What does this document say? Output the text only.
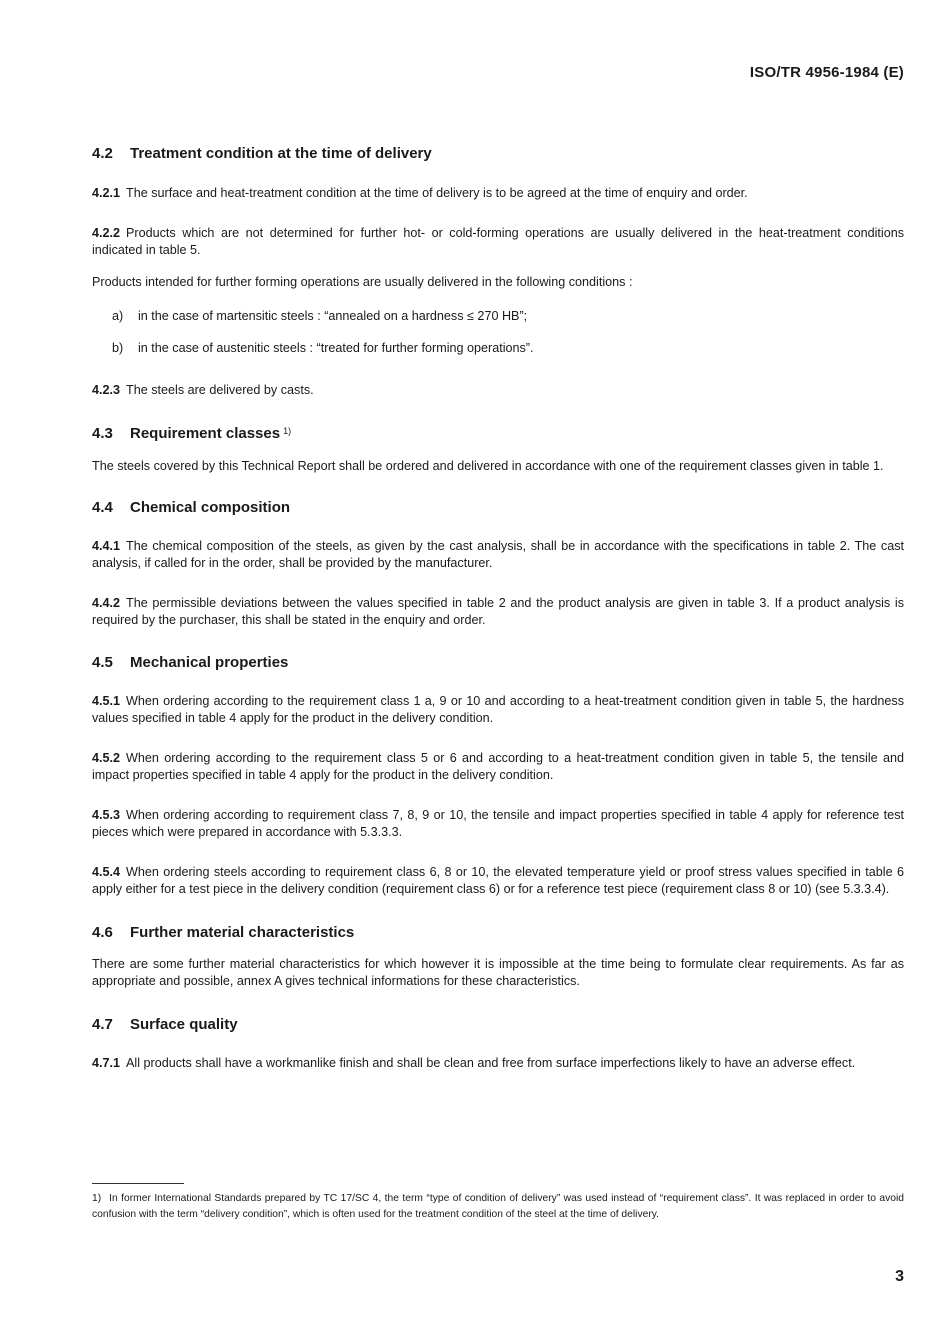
ISO/TR 4956-1984 (E)
4.2	Treatment condition at the time of delivery

4.2.1 The surface and heat-treatment condition at the time of delivery is to be agreed at the time of enquiry and order.

4.2.2 Products which are not determined for further hot- or cold-forming operations are usually delivered in the heat-treatment conditions indicated in table 5.

Products intended for further forming operations are usually delivered in the following conditions :

a)	in the case of martensitic steels : “annealed on a hardness ≤ 270 HB”;
b)	in the case of austenitic steels : “treated for further forming operations”.

4.2.3 The steels are delivered by casts.

4.3	Requirement classes $^{1)}$

The steels covered by this Technical Report shall be ordered and delivered in accordance with one of the requirement classes given in table 1.

4.4	Chemical composition

4.4.1 The chemical composition of the steels, as given by the cast analysis, shall be in accordance with the specifications in table 2. The cast analysis, if called for in the order, shall be provided by the manufacturer.

4.4.2 The permissible deviations between the values specified in table 2 and the product analysis are given in table 3. If a product analysis is required by the purchaser, this shall be stated in the enquiry and order.

4.5	Mechanical properties

4.5.1 When ordering according to the requirement class 1 a, 9 or 10 and according to a heat-treatment condition given in table 5, the hardness values specified in table 4 apply for the product in the delivery condition.

4.5.2 When ordering according to the requirement class 5 or 6 and according to a heat-treatment condition given in table 5, the tensile and impact properties specified in table 4 apply for the product in the delivery condition.

4.5.3 When ordering according to requirement class 7, 8, 9 or 10, the tensile and impact properties specified in table 4 apply for reference test pieces which were prepared in accordance with 5.3.3.3.

4.5.4 When ordering steels according to requirement class 6, 8 or 10, the elevated temperature yield or proof stress values specified in table 6 apply either for a test piece in the delivery condition (requirement class 6) or for a reference test piece (requirement class 8 or 10) (see 5.3.3.4).

4.6	Further material characteristics

There are some further material characteristics for which however it is impossible at the time being to formulate clear requirements. As far as appropriate and possible, annex A gives technical informations for these characteristics.

4.7	Surface quality

4.7.1 All products shall have a workmanlike finish and shall be clean and free from surface imperfections likely to have an adverse effect.

1) In former International Standards prepared by TC 17/SC 4, the term “type of condition of delivery” was used instead of “requirement class”. It was replaced in order to avoid confusion with the term “delivery condition”, which is often used for the treatment condition of the steel at the time of delivery.
3
